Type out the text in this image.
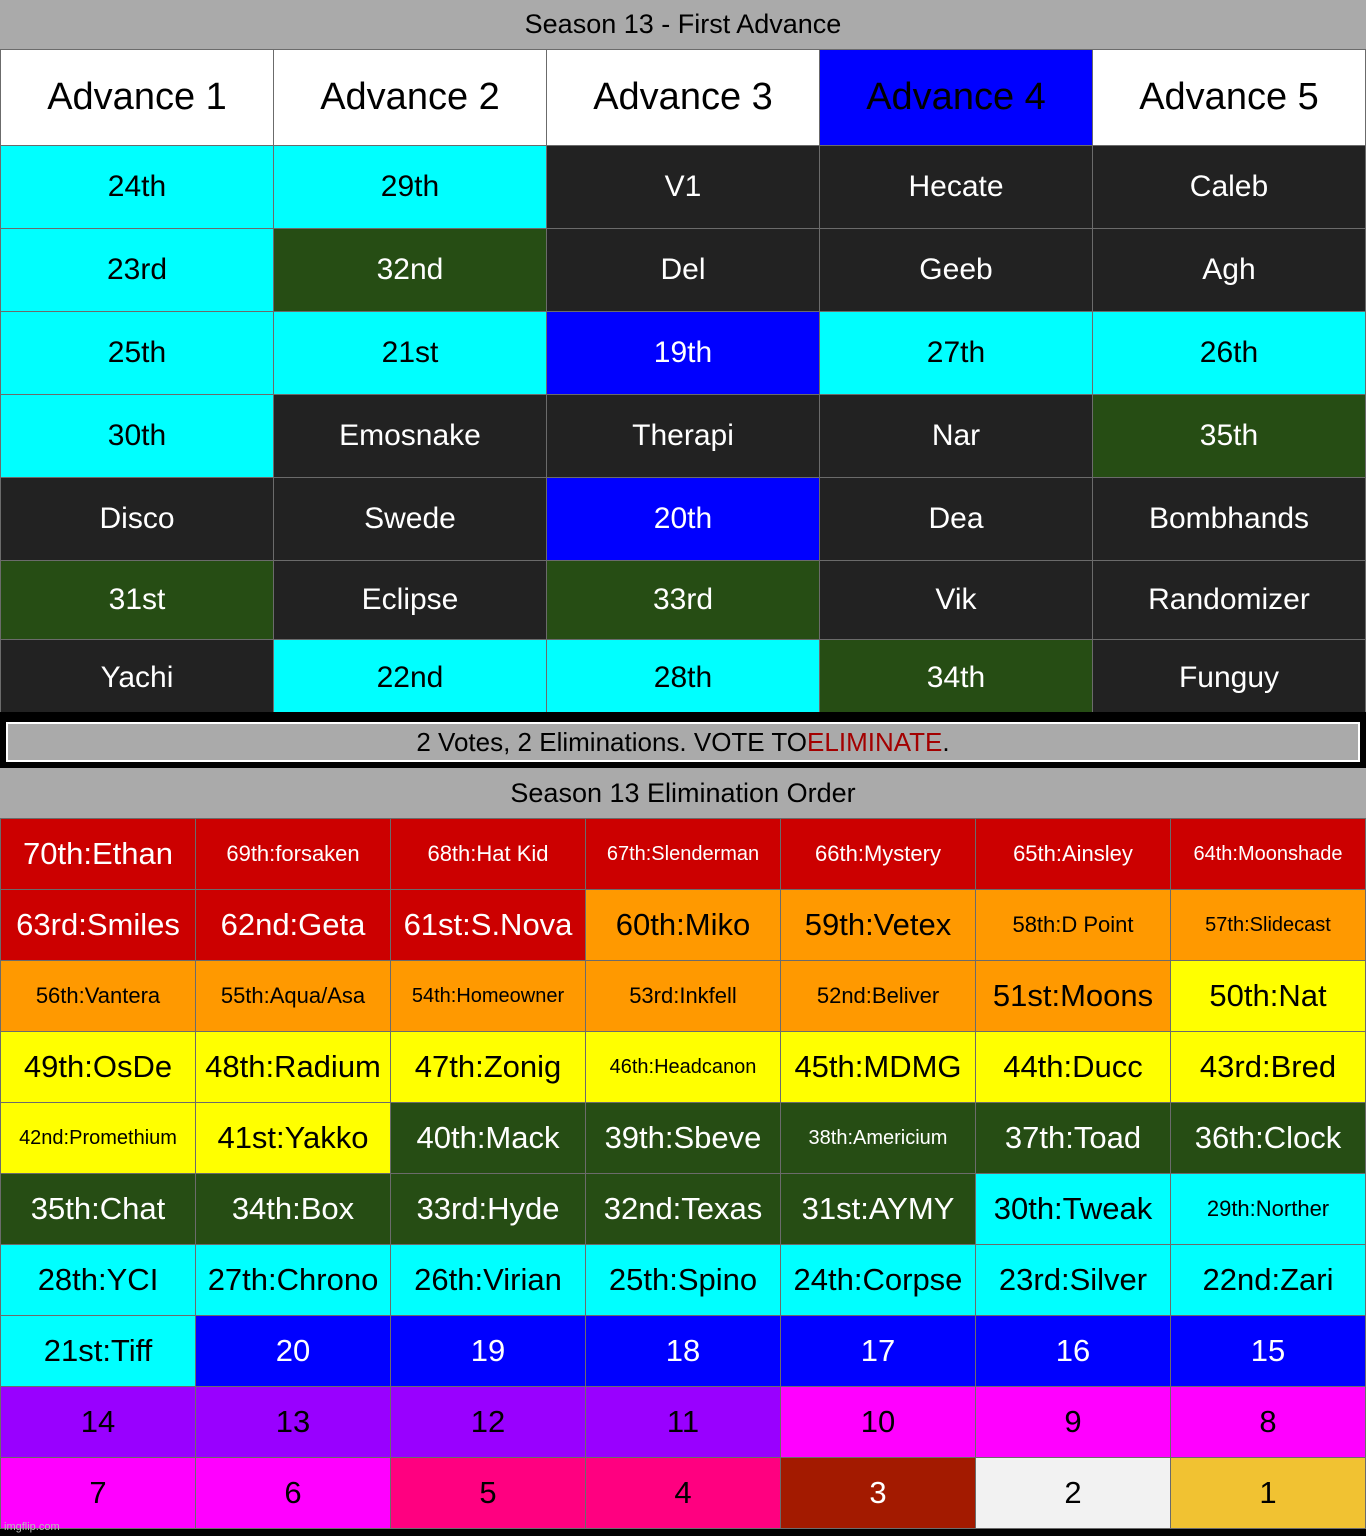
Season 13 - First Advance
Advance 1	Advance 2	Advance 3	Advance 4	Advance 5
24th	29th	V1	Hecate	Caleb
23rd	32nd	Del	Geeb	Agh
25th	21st	19th	27th	26th
30th	Emosnake	Therapi	Nar	35th
Disco	Swede	20th	Dea	Bombhands
31st	Eclipse	33rd	Vik	Randomizer
Yachi	22nd	28th	34th	Funguy
2 Votes, 2 Eliminations. VOTE TO ELIMINATE .
Season 13 Elimination Order
70th:Ethan	69th:forsaken	68th:Hat Kid	67th:Slenderman	66th:Mystery	65th:Ainsley	64th:Moonshade
63rd:Smiles	62nd:Geta	61st:S.Nova	60th:Miko	59th:Vetex	58th:D Point	57th:Slidecast
56th:Vantera	55th:Aqua/Asa	54th:Homeowner	53rd:Inkfell	52nd:Beliver	51st:Moons	50th:Nat
49th:OsDe	48th:Radium	47th:Zonig	46th:Headcanon	45th:MDMG	44th:Ducc	43rd:Bred
42nd:Promethium	41st:Yakko	40th:Mack	39th:Sbeve	38th:Americium	37th:Toad	36th:Clock
35th:Chat	34th:Box	33rd:Hyde	32nd:Texas	31st:AYMY	30th:Tweak	29th:Norther
28th:YCI	27th:Chrono	26th:Virian	25th:Spino	24th:Corpse	23rd:Silver	22nd:Zari
21st:Tiff	20	19	18	17	16	15
14	13	12	11	10	9	8
7	6	5	4	3	2	1
imgflip.com
